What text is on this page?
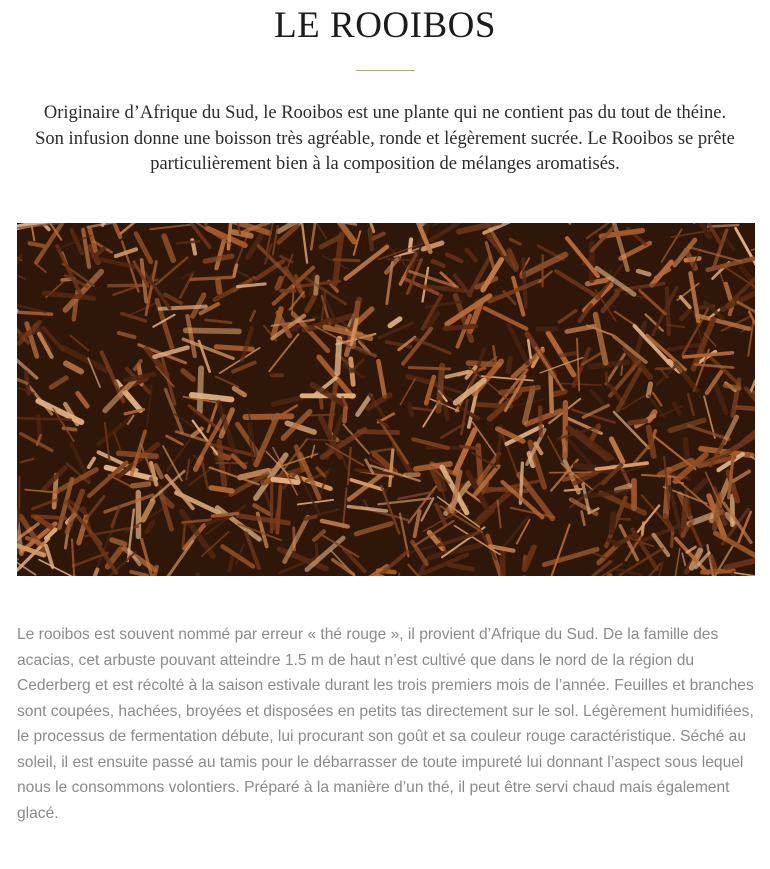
LE ROOIBOS

Originaire d’Afrique du Sud, le Rooibos est une plante qui ne contient pas du tout de théine. Son infusion donne une boisson très agréable, ronde et légèrement sucrée. Le Rooibos se prête particulièrement bien à la composition de mélanges aromatisés.

Le rooibos est souvent nommé par erreur « thé rouge », il provient d’Afrique du Sud. De la famille des acacias, cet arbuste pouvant atteindre 1.5 m de haut n’est cultivé que dans le nord de la région du Cederberg et est récolté à la saison estivale durant les trois premiers mois de l’année. Feuilles et branches sont coupées, hachées, broyées et disposées en petits tas directement sur le sol. Légèrement humidifiées, le processus de fermentation débute, lui procurant son goût et sa couleur rouge caractéristique. Séché au soleil, il est ensuite passé au tamis pour le débarrasser de toute impureté lui donnant l’aspect sous lequel nous le consommons volontiers. Préparé à la manière d’un thé, il peut être servi chaud mais également glacé.
